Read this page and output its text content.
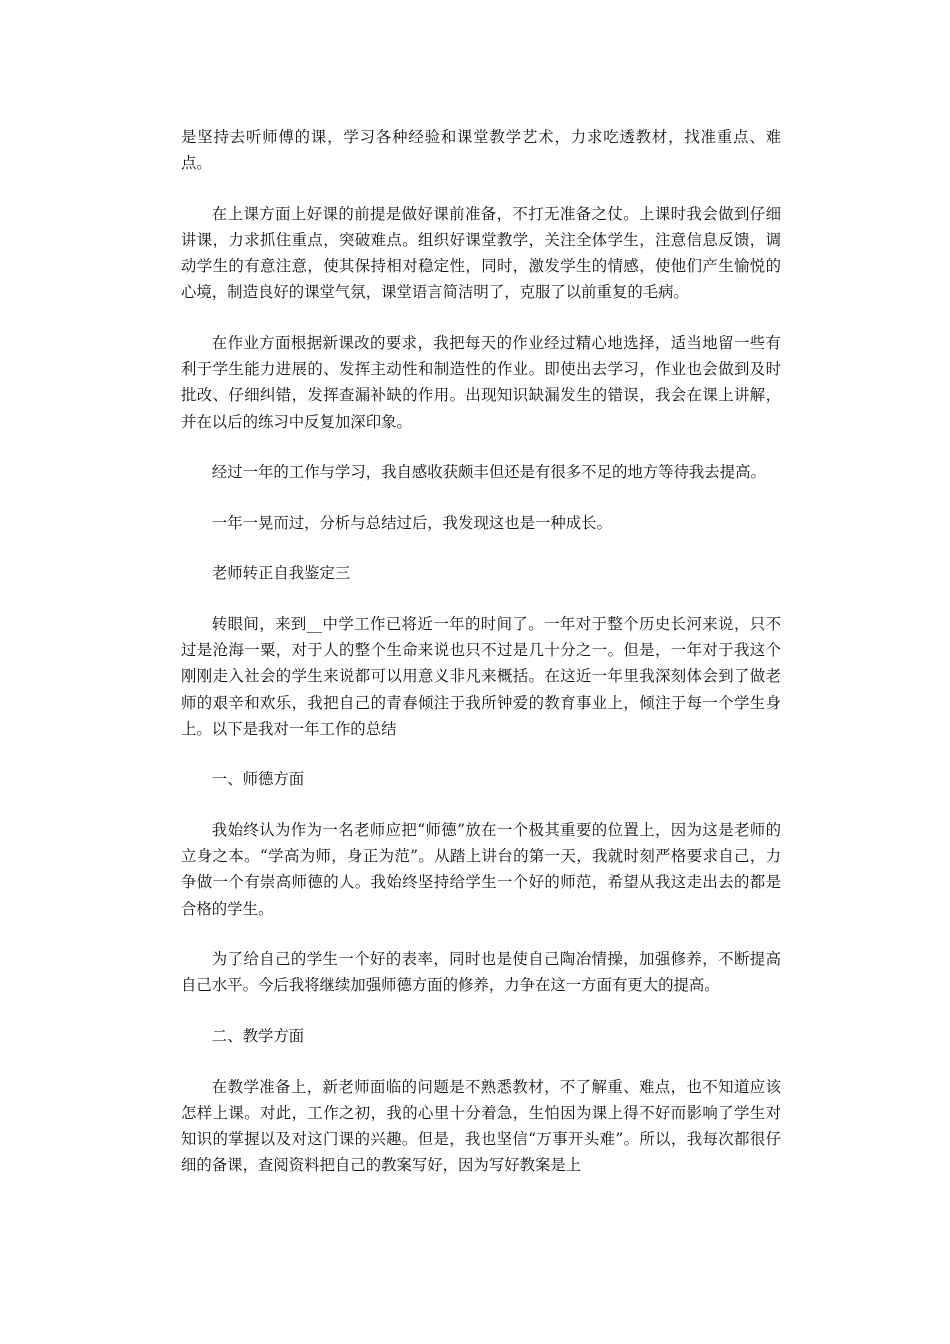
是坚持去听师傅的课，学习各种经验和课堂教学艺术，力求吃透教材，找准重点、难点。

在上课方面上好课的前提是做好课前准备，不打无准备之仗。上课时我会做到仔细讲课，力求抓住重点，突破难点。组织好课堂教学，关注全体学生，注意信息反馈，调动学生的有意注意，使其保持相对稳定性，同时，激发学生的情感，使他们产生愉悦的心境，制造良好的课堂气氛，课堂语言简洁明了，克服了以前重复的毛病。

在作业方面根据新课改的要求，我把每天的作业经过精心地选择，适当地留一些有利于学生能力进展的、发挥主动性和制造性的作业。即使出去学习，作业也会做到及时批改、仔细纠错，发挥查漏补缺的作用。出现知识缺漏发生的错误，我会在课上讲解，并在以后的练习中反复加深印象。

经过一年的工作与学习，我自感收获颇丰但还是有很多不足的地方等待我去提高。

一年一晃而过，分析与总结过后，我发现这也是一种成长。

老师转正自我鉴定三

转眼间，来到__中学工作已将近一年的时间了。一年对于整个历史长河来说，只不过是沧海一粟，对于人的整个生命来说也只不过是几十分之一。但是，一年对于我这个刚刚走入社会的学生来说都可以用意义非凡来概括。在这近一年里我深刻体会到了做老师的艰辛和欢乐，我把自己的青春倾注于我所钟爱的教育事业上，倾注于每一个学生身上。以下是我对一年工作的总结

一、师德方面

我始终认为作为一名老师应把“师德”放在一个极其重要的位置上，因为这是老师的立身之本。“学高为师，身正为范”。从踏上讲台的第一天，我就时刻严格要求自己，力争做一个有崇高师德的人。我始终坚持给学生一个好的师范，希望从我这走出去的都是合格的学生。

为了给自己的学生一个好的表率，同时也是使自己陶冶情操，加强修养，不断提高自己水平。今后我将继续加强师德方面的修养，力争在这一方面有更大的提高。

二、教学方面

在教学准备上，新老师面临的问题是不熟悉教材，不了解重、难点，也不知道应该怎样上课。对此，工作之初，我的心里十分着急，生怕因为课上得不好而影响了学生对知识的掌握以及对这门课的兴趣。但是，我也坚信“万事开头难”。所以，我每次都很仔细的备课，查阅资料把自己的教案写好，因为写好教案是上
